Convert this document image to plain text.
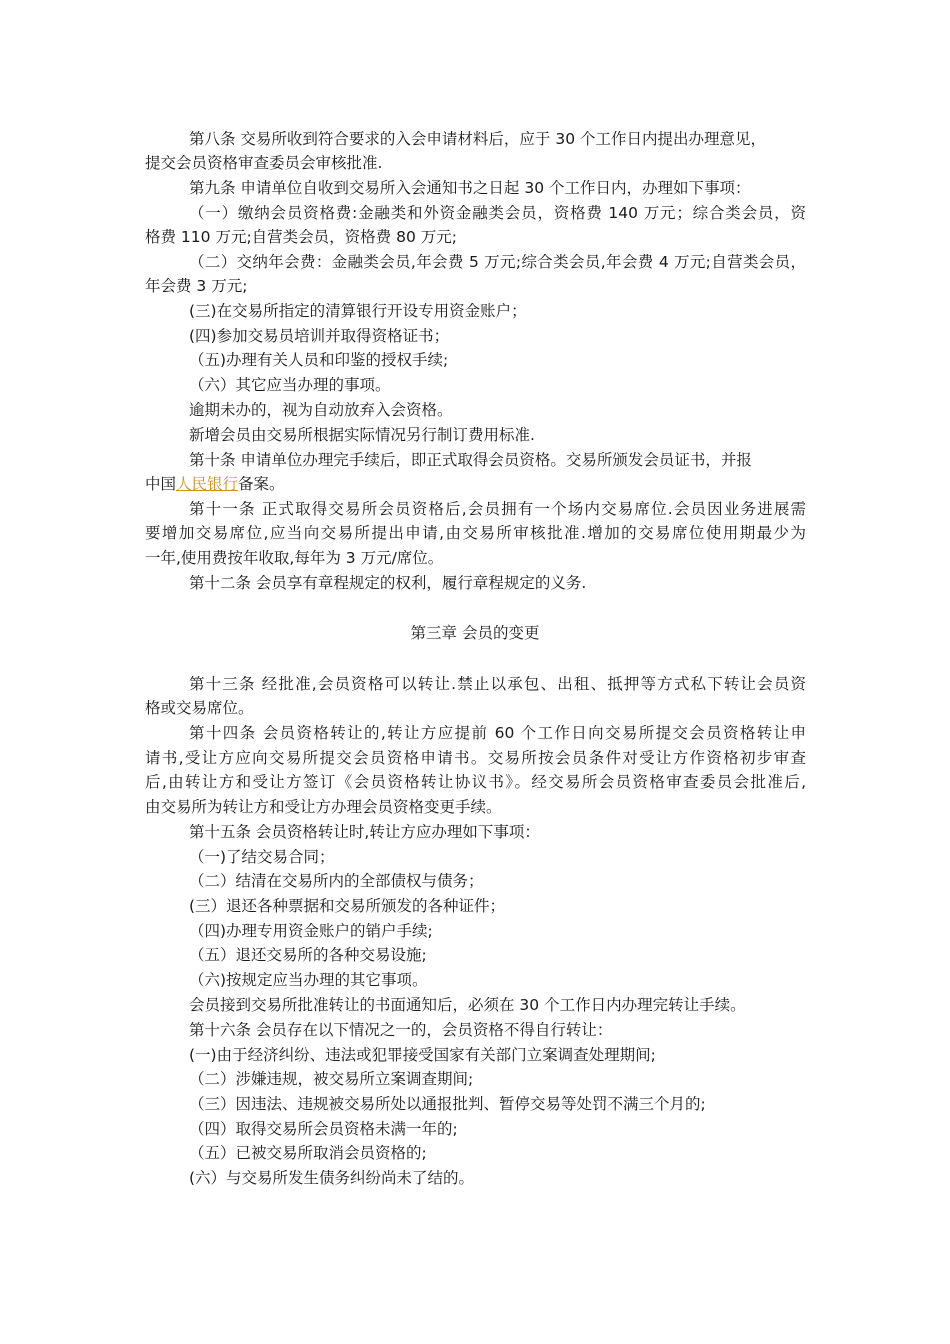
第八条 交易所收到符合要求的入会申请材料后，应于 30 个工作日内提出办理意见，
提交会员资格审查委员会审核批准.
第九条 申请单位自收到交易所入会通知书之日起 30 个工作日内，办理如下事项：
（一）缴纳会员资格费:金融类和外资金融类会员，资格费 140 万元；综合类会员，资
格费 110 万元;自营类会员，资格费 80 万元;
（二）交纳年会费：金融类会员,年会费 5 万元;综合类会员,年会费 4 万元;自营类会员，
年会费 3 万元;
(三)在交易所指定的清算银行开设专用资金账户；
(四)参加交易员培训并取得资格证书；
（五)办理有关人员和印鉴的授权手续;
（六）其它应当办理的事项。
逾期未办的，视为自动放弃入会资格。
新增会员由交易所根据实际情况另行制订费用标准.
第十条 申请单位办理完手续后，即正式取得会员资格。交易所颁发会员证书，并报
中国人民银行备案。
第十一条 正式取得交易所会员资格后,会员拥有一个场内交易席位.会员因业务进展需
要增加交易席位,应当向交易所提出申请,由交易所审核批准.增加的交易席位使用期最少为
一年,使用费按年收取,每年为 3 万元/席位。
第十二条 会员享有章程规定的权利，履行章程规定的义务.
第三章 会员的变更
第十三条 经批准,会员资格可以转让.禁止以承包、出租、抵押等方式私下转让会员资
格或交易席位。
第十四条 会员资格转让的,转让方应提前 60 个工作日向交易所提交会员资格转让申
请书,受让方应向交易所提交会员资格申请书。交易所按会员条件对受让方作资格初步审查
后,由转让方和受让方签订《会员资格转让协议书》。经交易所会员资格审查委员会批准后,
由交易所为转让方和受让方办理会员资格变更手续。
第十五条 会员资格转让时,转让方应办理如下事项：
（一)了结交易合同；
（二）结清在交易所内的全部债权与债务；
(三）退还各种票据和交易所颁发的各种证件；
（四)办理专用资金账户的销户手续;
（五）退还交易所的各种交易设施;
（六)按规定应当办理的其它事项。
会员接到交易所批准转让的书面通知后，必须在 30 个工作日内办理完转让手续。
第十六条 会员存在以下情况之一的，会员资格不得自行转让：
(一)由于经济纠纷、违法或犯罪接受国家有关部门立案调查处理期间;
（二）涉嫌违规，被交易所立案调查期间;
（三）因违法、违规被交易所处以通报批判、暂停交易等处罚不满三个月的;
（四）取得交易所会员资格未满一年的;
（五）已被交易所取消会员资格的;
(六）与交易所发生债务纠纷尚未了结的。
